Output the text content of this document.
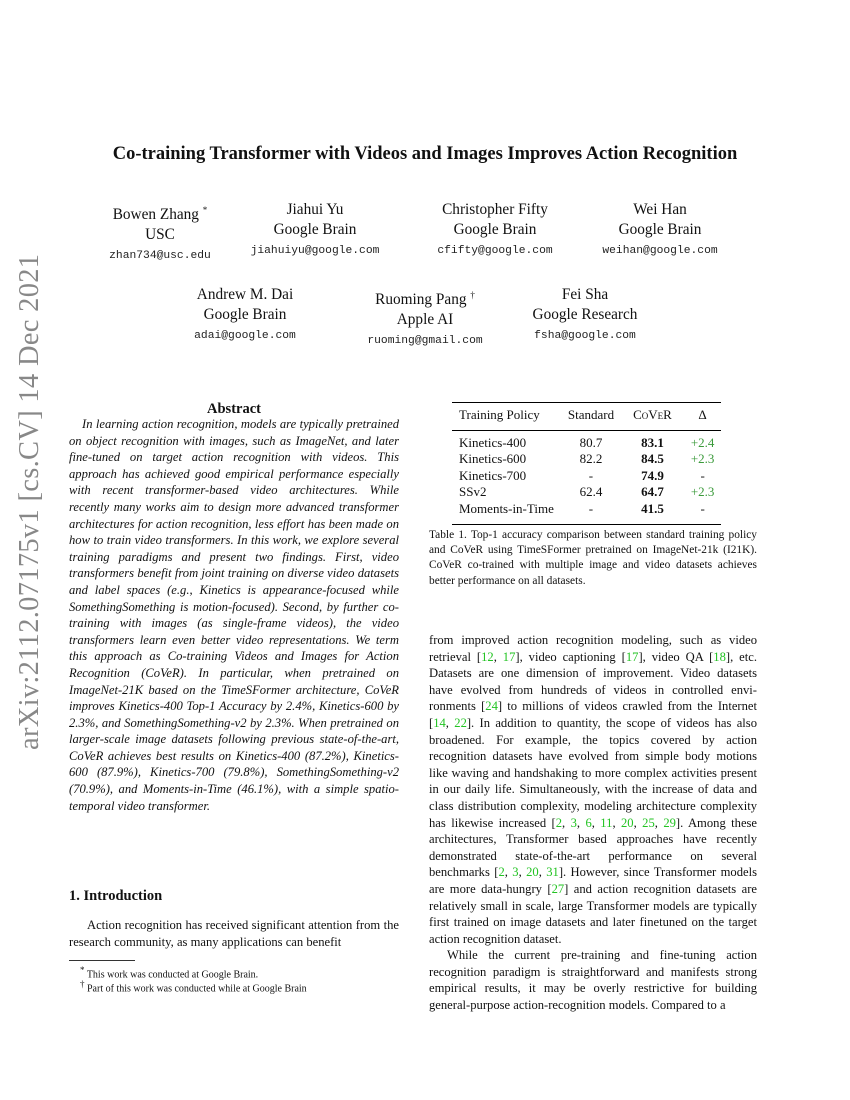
Co-training Transformer with Videos and Images Improves Action Recognition
arXiv:2112.07175v1 [cs.CV] 14 Dec 2021
Bowen Zhang *
USC
zhan734@usc.edu
Jiahui Yu
Google Brain
jiahuiyu@google.com
Christopher Fifty
Google Brain
cfifty@google.com
Wei Han
Google Brain
weihan@google.com
Andrew M. Dai
Google Brain
adai@google.com
Ruoming Pang †
Apple AI
ruoming@gmail.com
Fei Sha
Google Research
fsha@google.com
Abstract

In learning action recognition, models are typically pretrained on object recognition with images, such as ImageNet, and later fine-tuned on target action recognition with videos. This approach has achieved good empirical performance especially with recent transformer-based video architectures. While recently many works aim to design more advanced transformer architectures for action recognition, less effort has been made on how to train video transformers. In this work, we explore several training paradigms and present two findings. First, video transformers benefit from joint training on diverse video datasets and label spaces (e.g., Kinetics is appearance-focused while SomethingSomething is motion-focused). Second, by further co-training with images (as single-frame videos), the video transformers learn even better video representations. We term this approach as Co-training Videos and Images for Action Recognition (CoVeR). In particular, when pretrained on ImageNet-21K based on the TimeSFormer architecture, CoVeR improves Kinetics-400 Top-1 Accuracy by 2.4%, Kinetics-600 by 2.3%, and SomethingSomething-v2 by 2.3%. When pretrained on larger-scale image datasets following previous state-of-the-art, CoVeR achieves best results on Kinetics-400 (87.2%), Kinetics-600 (87.9%), Kinetics-700 (79.8%), SomethingSomething-v2 (70.9%), and Moments-in-Time (46.1%), with a simple spatio-temporal video transformer.

1. Introduction

Action recognition has received significant attention from the research community, as many applications can benefit

* This work was conducted at Google Brain.
† Part of this work was conducted while at Google Brain
Training Policy	Standard	CoVeR	Δ
Kinetics-400	80.7	83.1	+2.4
Kinetics-600	82.2	84.5	+2.3
Kinetics-700	-	74.9	-
SSv2	62.4	64.7	+2.3
Moments-in-Time	-	41.5	-
Table 1. Top-1 accuracy comparison between standard training policy and CoVeR using TimeSFormer pretrained on ImageNet-21k (I21K). CoVeR co-trained with multiple image and video datasets achieves better performance on all datasets.

from improved action recognition modeling, such as video retrieval [12, 17], video captioning [17], video QA [18], etc. Datasets are one dimension of improvement. Video datasets have evolved from hundreds of videos in controlled environments [24] to millions of videos crawled from the Internet [14, 22]. In addition to quantity, the scope of videos has also broadened. For example, the topics covered by action recognition datasets have evolved from simple body motions like waving and handshaking to more complex activities present in our daily life. Simultaneously, with the increase of data and class distribution complexity, modeling architecture complexity has likewise increased [2, 3, 6, 11, 20, 25, 29]. Among these architectures, Transformer based approaches have recently demonstrated state-of-the-art performance on several benchmarks [2, 3, 20, 31]. However, since Transformer models are more data-hungry [27] and action recognition datasets are relatively small in scale, large Transformer models are typically first trained on image datasets and later finetuned on the target action recognition dataset.

While the current pre-training and fine-tuning action recognition paradigm is straightforward and manifests strong empirical results, it may be overly restrictive for building general-purpose action-recognition models. Compared to a
